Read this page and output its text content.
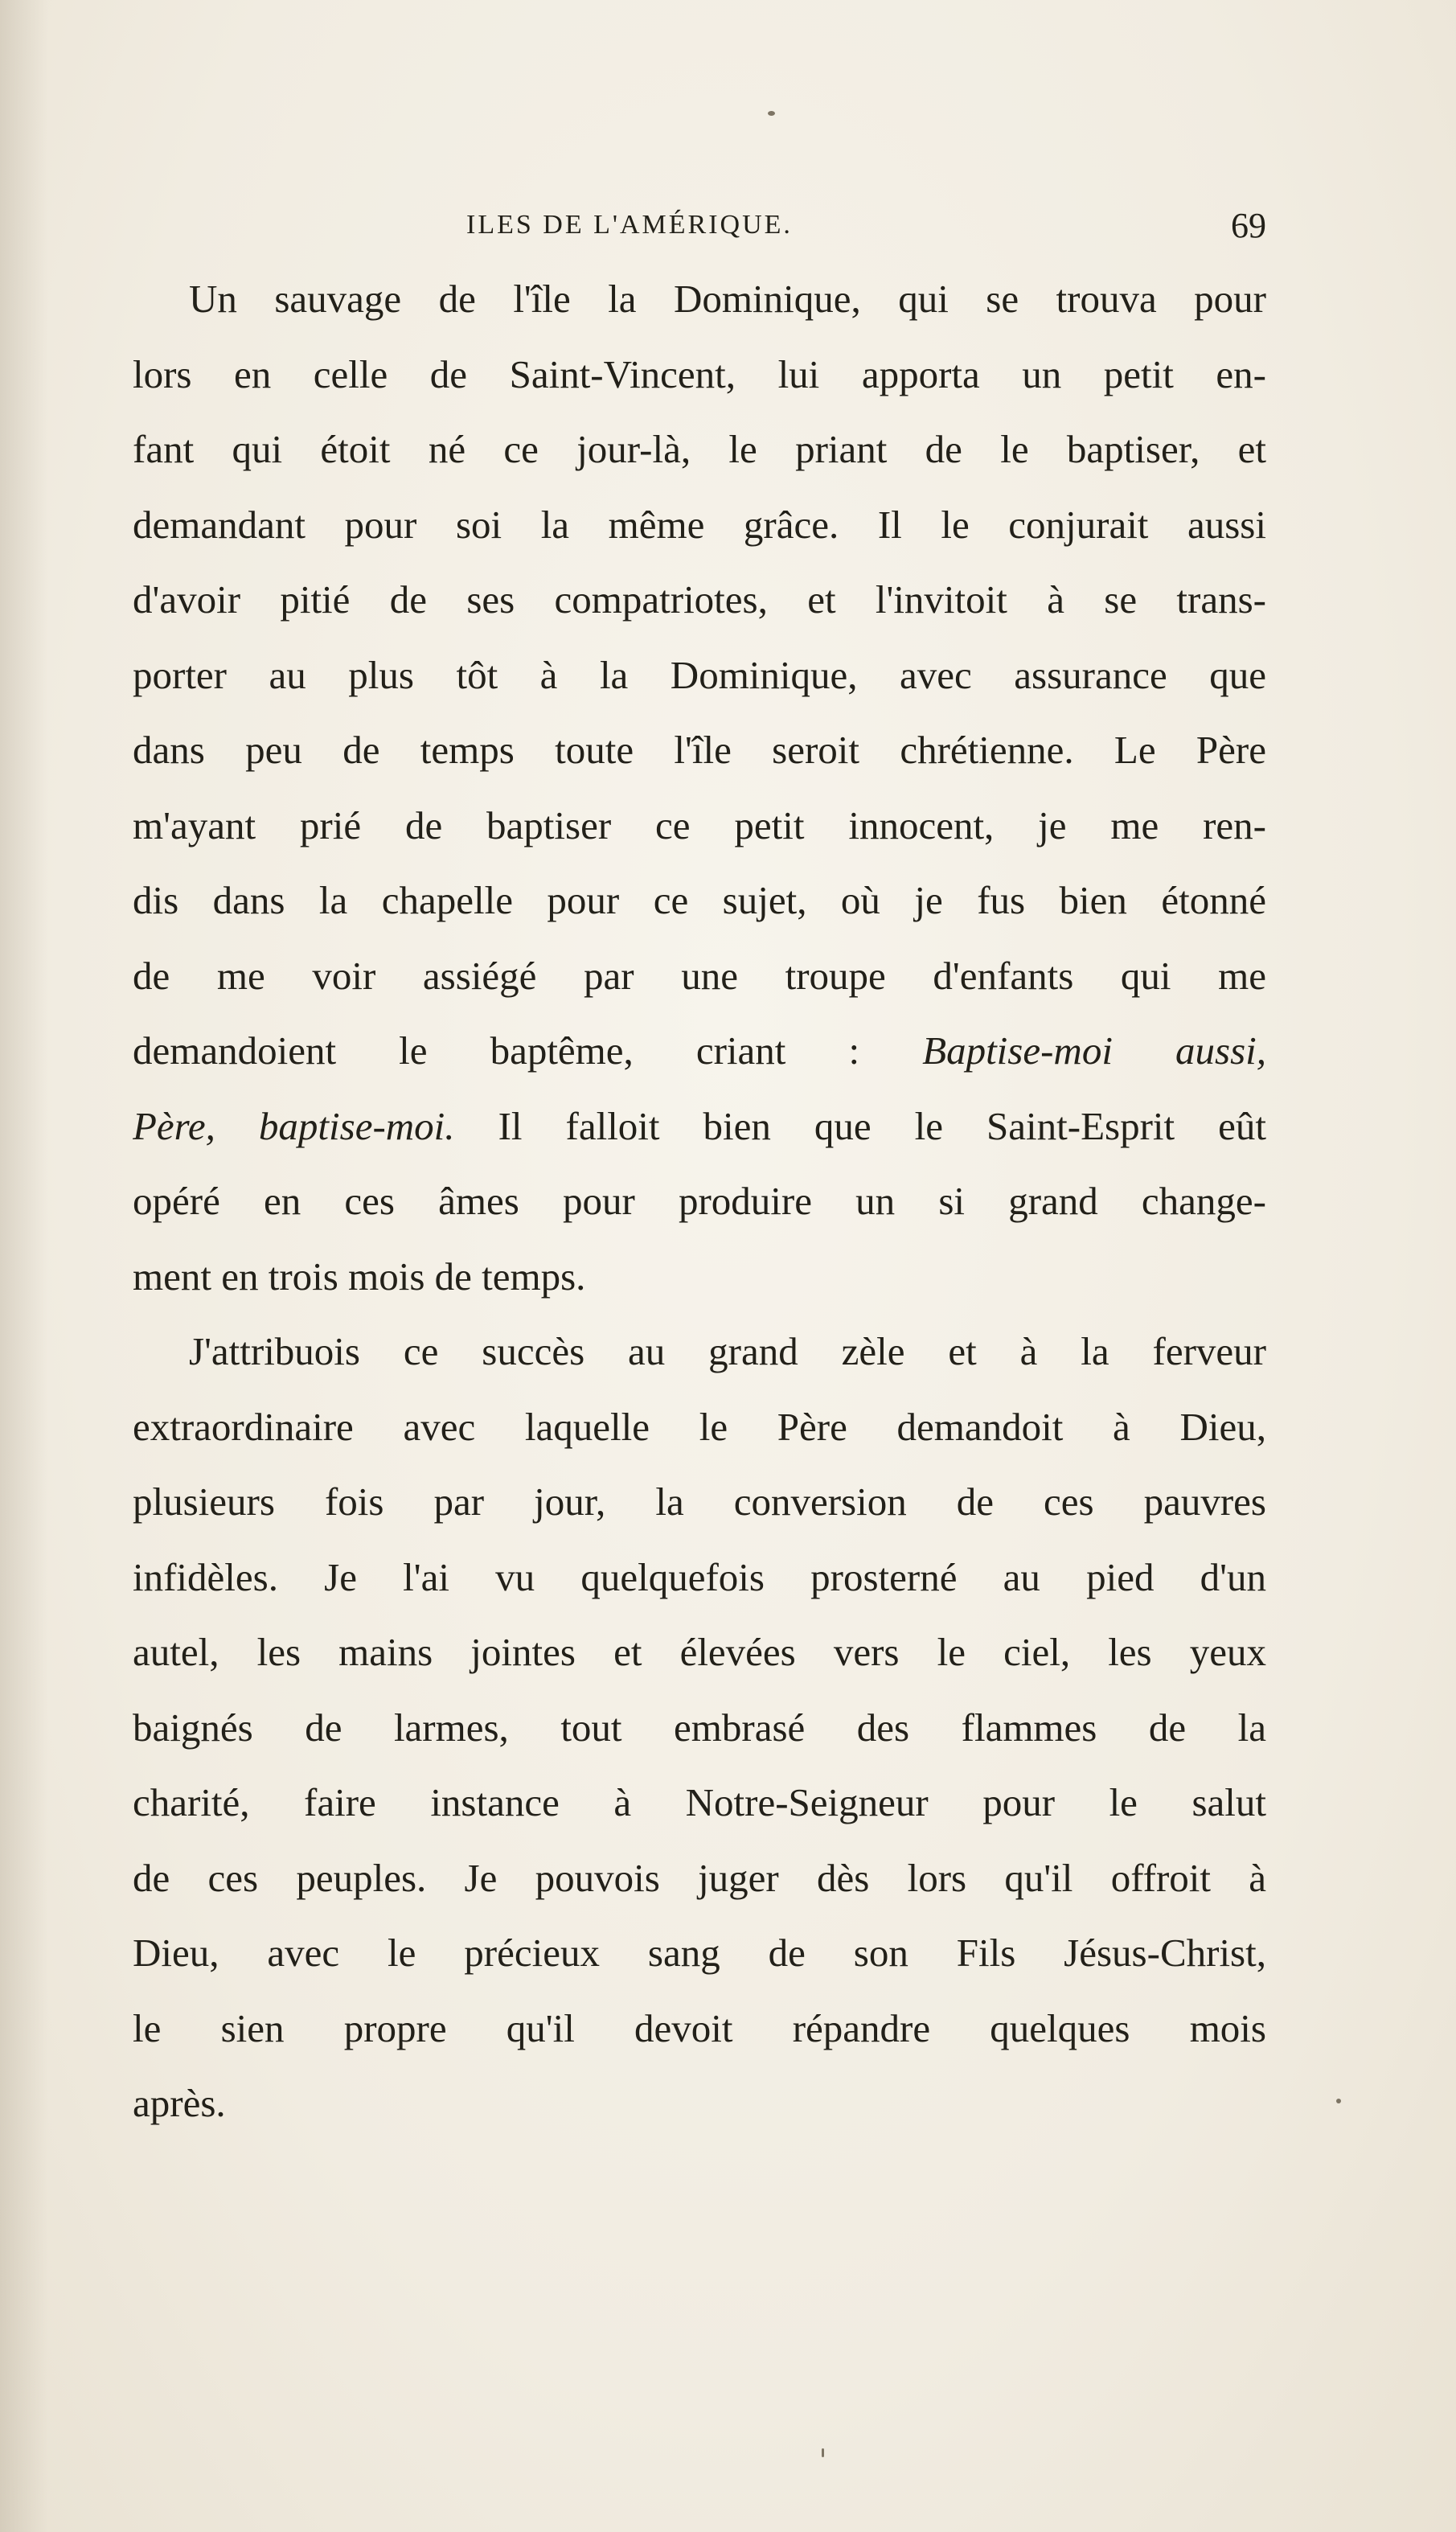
ILES DE L'AMÉRIQUE.	69
Un sauvage de l'île la Dominique, qui se trouva pour
lors en celle de Saint-Vincent, lui apporta un petit en-
fant qui étoit né ce jour-là, le priant de le baptiser, et
demandant pour soi la même grâce. Il le conjurait aussi
d'avoir pitié de ses compatriotes, et l'invitoit à se trans-
porter au plus tôt à la Dominique, avec assurance que
dans peu de temps toute l'île seroit chrétienne. Le Père
m'ayant prié de baptiser ce petit innocent, je me ren-
dis dans la chapelle pour ce sujet, où je fus bien étonné
de me voir assiégé par une troupe d'enfants qui me
demandoient le baptême, criant : Baptise-moi aussi,
Père, baptise-moi. Il falloit bien que le Saint-Esprit eût
opéré en ces âmes pour produire un si grand change-
ment en trois mois de temps.
J'attribuois ce succès au grand zèle et à la ferveur
extraordinaire avec laquelle le Père demandoit à Dieu,
plusieurs fois par jour, la conversion de ces pauvres
infidèles. Je l'ai vu quelquefois prosterné au pied d'un
autel, les mains jointes et élevées vers le ciel, les yeux
baignés de larmes, tout embrasé des flammes de la
charité, faire instance à Notre-Seigneur pour le salut
de ces peuples. Je pouvois juger dès lors qu'il offroit à
Dieu, avec le précieux sang de son Fils Jésus-Christ,
le sien propre qu'il devoit répandre quelques mois
après.
